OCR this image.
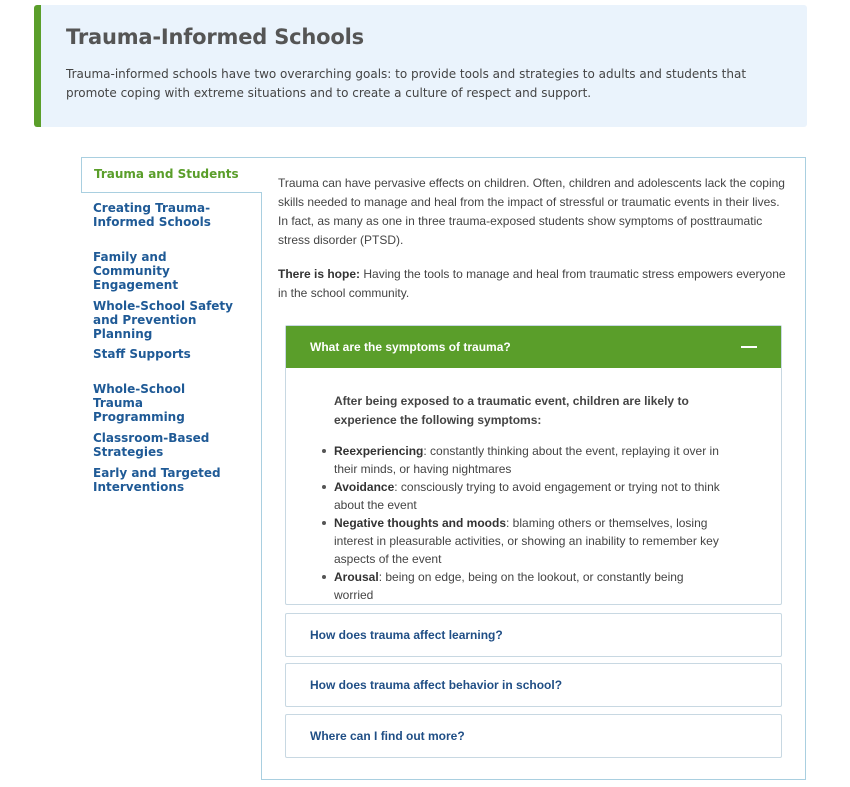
Trauma-Informed Schools
Trauma-informed schools have two overarching goals: to provide tools and strategies to adults and students that promote coping with extreme situations and to create a culture of respect and support.
Trauma and Students
Creating Trauma-Informed Schools
Family and Community Engagement
Whole-School Safety and Prevention Planning
Staff Supports
Whole-School Trauma Programming
Classroom-Based Strategies
Early and Targeted Interventions

Trauma can have pervasive effects on children. Often, children and adolescents lack the coping skills needed to manage and heal from the impact of stressful or traumatic events in their lives. In fact, as many as one in three trauma-exposed students show symptoms of posttraumatic stress disorder (PTSD).

There is hope: Having the tools to manage and heal from traumatic stress empowers everyone in the school community.

What are the symptoms of trauma?

After being exposed to a traumatic event, children are likely to experience the following symptoms:

Reexperiencing: constantly thinking about the event, replaying it over in their minds, or having nightmares
Avoidance: consciously trying to avoid engagement or trying not to think about the event
Negative thoughts and moods: blaming others or themselves, losing interest in pleasurable activities, or showing an inability to remember key aspects of the event
Arousal: being on edge, being on the lookout, or constantly being worried
How does trauma affect learning?
How does trauma affect behavior in school?
Where can I find out more?
